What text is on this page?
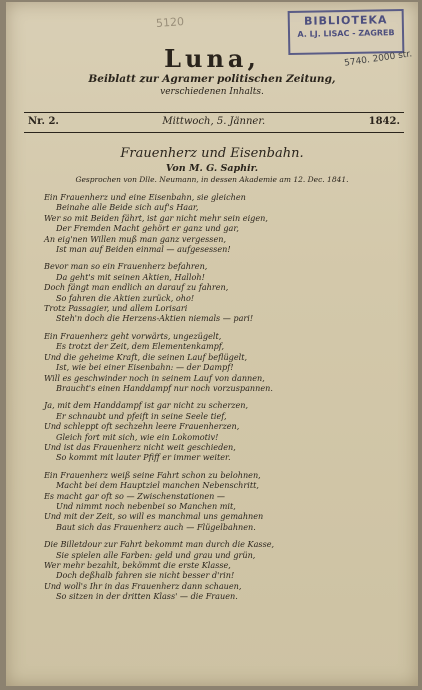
5120	BIBLIOTEKA
A. LJ. LISAC - ZAGREB
5740. 2000 str.
Luna,
Beiblatt zur Agramer politischen Zeitung,
verschiedenen Inhalts.
Nr. 2.	Mittwoch, 5. Jänner.	1842.
Frauenherz und Eisenbahn.
Von M. G. Saphir.
Gesprochen von Dlle. Neumann, in dessen Akademie am 12. Dec. 1841.
Ein Frauenherz und eine Eisenbahn, sie gleichen
Beinahe alle Beide sich auf's Haar,
Wer so mit Beiden fährt, ist gar nicht mehr sein eigen,
Der Fremden Macht gehört er ganz und gar,
An eig'nen Willen muß man ganz vergessen,
Ist man auf Beiden einmal — aufgesessen!
Bevor man so ein Frauenherz befahren,
Da geht's mit seinen Aktien, Halloh!
Doch fängt man endlich an darauf zu fahren,
So fahren die Aktien zurück, oho!
Trotz Passagier, und allem Lorisari
Steh'n doch die Herzens-Aktien niemals — pari!
Ein Frauenherz geht vorwärts, ungezügelt,
Es trotzt der Zeit, dem Elementenkampf,
Und die geheime Kraft, die seinen Lauf beflügelt,
Ist, wie bei einer Eisenbahn: — der Dampf!
Will es geschwinder noch in seinem Lauf von dannen,
Braucht's einen Handdampf nur noch vorzuspannen.
Ja, mit dem Handdampf ist gar nicht zu scherzen,
Er schnaubt und pfeift in seine Seele tief,
Und schleppt oft sechzehn leere Frauenherzen,
Gleich fort mit sich, wie ein Lokomotiv!
Und ist das Frauenherz nicht weit geschieden,
So kommt mit lauter Pfiff er immer weiter.
Ein Frauenherz weiß seine Fahrt schon zu belohnen,
Macht bei dem Hauptziel manchen Nebenschritt,
Es macht gar oft so — Zwischenstationen —
Und nimmt noch nebenbei so Manchen mit,
Und mit der Zeit, so will es manchmal uns gemahnen
Baut sich das Frauenherz auch — Flügelbahnen.
Die Billetdour zur Fahrt bekommt man durch die Kasse,
Sie spielen alle Farben: geld und grau und grün,
Wer mehr bezahlt, bekömmt die erste Klasse,
Doch deßhalb fahren sie nicht besser d'rin!
Und woll's Ihr in das Frauenherz dann schauen,
So sitzen in der dritten Klass' — die Frauen.
